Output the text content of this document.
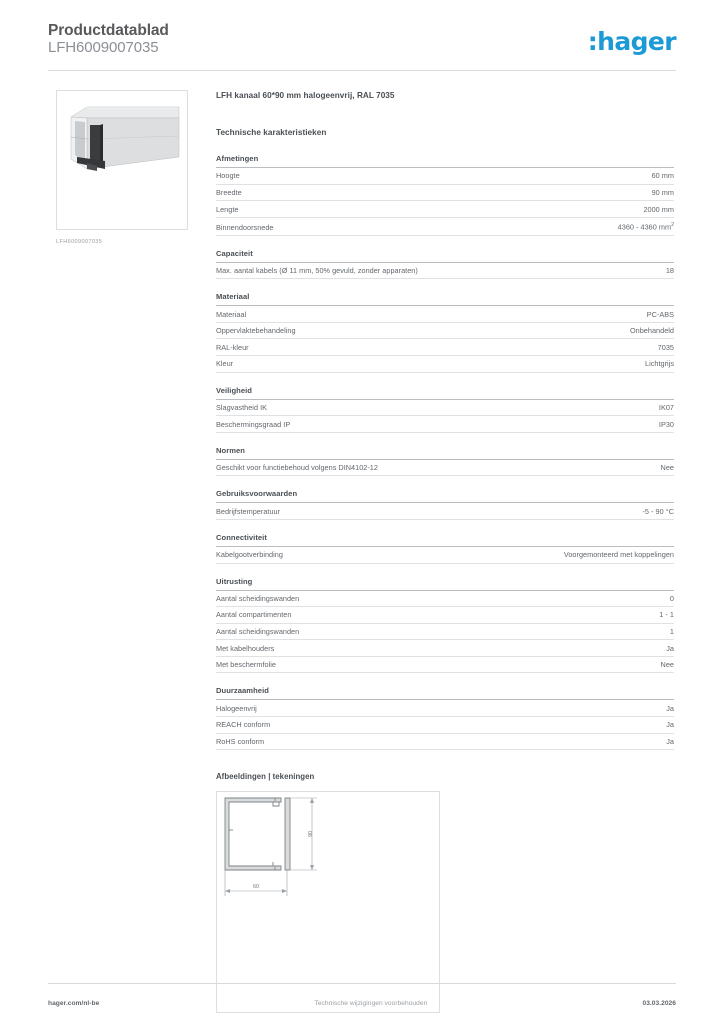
Productdatablad
LFH6009007035	:hager
LFH6009007035
LFH kanaal 60*90 mm halogeenvrij, RAL 7035
Technische karakteristieken
Afmetingen
Hoogte	60 mm
Breedte	90 mm
Lengte	2000 mm
Binnendoorsnede	4360 - 4360 $mm^2$
Capaciteit
Max. aantal kabels (Ø 11 mm, 50% gevuld, zonder apparaten)	18
Materiaal
Materiaal	PC-ABS
Oppervlaktebehandeling	Onbehandeld
RAL-kleur	7035
Kleur	Lichtgrijs
Veiligheid
Slagvastheid IK	IK07
Beschermingsgraad IP	IP30
Normen
Geschikt voor functiebehoud volgens DIN4102-12	Nee
Gebruiksvoorwaarden
Bedrijfstemperatuur	-5 - 90 °C
Connectiviteit
Kabelgootverbinding	Voorgemonteerd met koppelingen
Uitrusting
Aantal scheidingswanden	0
Aantal compartimenten	1 - 1
Aantal scheidingswanden	1
Met kabelhouders	Ja
Met beschermfolie	Nee
Duurzaamheid
Halogeenvrij	Ja
REACH conform	Ja
RoHS conform	Ja
Afbeeldingen | tekeningen
90
60
hager.com/nl-be	Technische wijzigingen voorbehouden	03.03.2026
